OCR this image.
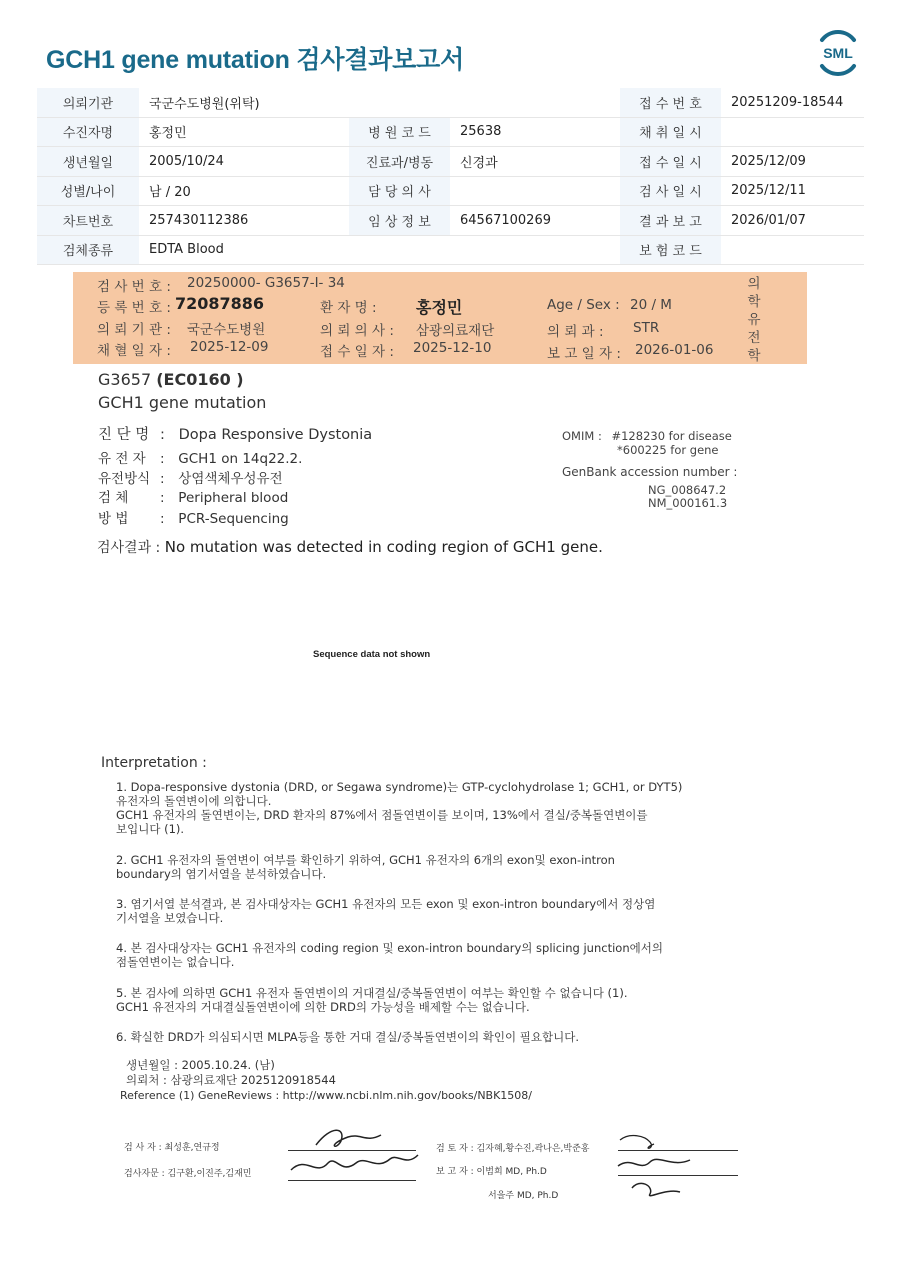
GCH1 gene mutation 검사결과보고서	SML
의뢰기관	국군수도병원(위탁)			접 수 번 호	20251209-18544
수진자명	홍정민	병 원 코 드	25638	채 취 일 시	
생년월일	2005/10/24	진료과/병동	신경과	접 수 일 시	2025/12/09
성별/나이	남 / 20	담 당 의 사		검 사 일 시	2025/12/11
차트번호	257430112386	임 상 정 보	64567100269	결 과 보 고	2026/01/07
검체종류	EDTA Blood			보 험 코 드	
검 사 번 호 : 20250000- G3657-I- 34
등 록 번 호 : 72087886	환 자 명 : 홍정민	Age / Sex : 20 / M
의 뢰 기 관 : 국군수도병원	의 뢰 의 사 : 삼광의료재단	의 뢰 과 : STR
채 혈 일 자 : 2025-12-09	접 수 일 자 : 2025-12-10	보 고 일 자 : 2026-01-06
의
학
유
전
학
G3657 (EC0160 )
GCH1 gene mutation
진 단 명 : Dopa Responsive Dystonia
유 전 자 : GCH1 on 14q22.2.
유전방식 : 상염색체우성유전
검 체 : Peripheral blood
방 법 : PCR-Sequencing
OMIM : #128230 for disease
*600225 for gene
GenBank accession number :
NG_008647.2
NM_000161.3
검사결과 : No mutation was detected in coding region of GCH1 gene.
Sequence data not shown
Interpretation :
1. Dopa-responsive dystonia (DRD, or Segawa syndrome)는 GTP-cyclohydrolase 1; GCH1, or DYT5)
유전자의 돌연변이에 의합니다.
GCH1 유전자의 돌연변이는, DRD 환자의 87%에서 점돌연변이를 보이며, 13%에서 결실/중복돌연변이를
보입니다 (1).
2. GCH1 유전자의 돌연변이 여부를 확인하기 위하여, GCH1 유전자의 6개의 exon및 exon-intron
boundary의 염기서열을 분석하였습니다.
3. 염기서열 분석결과, 본 검사대상자는 GCH1 유전자의 모든 exon 및 exon-intron boundary에서 정상염
기서열을 보였습니다.
4. 본 검사대상자는 GCH1 유전자의 coding region 및 exon-intron boundary의 splicing junction에서의
점돌연변이는 없습니다.
5. 본 검사에 의하면 GCH1 유전자 돌연변이의 거대결실/중복돌연변이 여부는 확인할 수 없습니다 (1).
GCH1 유전자의 거대결실돌연변이에 의한 DRD의 가능성을 배제할 수는 없습니다.
6. 확실한 DRD가 의심되시면 MLPA등을 통한 거대 결실/중복돌연변이의 확인이 필요합니다.
생년월일 : 2005.10.24. (남)
의뢰처 : 삼광의료재단 2025120918544
Reference (1) GeneReviews : http://www.ncbi.nlm.nih.gov/books/NBK1508/
검 사 자 : 최성훈,연규정
검사자문 : 김구환,이진주,김재민
검 토 자 : 김자혜,황수진,곽나은,박준홍
보 고 자 : 이범희 MD, Ph.D
서을주 MD, Ph.D
